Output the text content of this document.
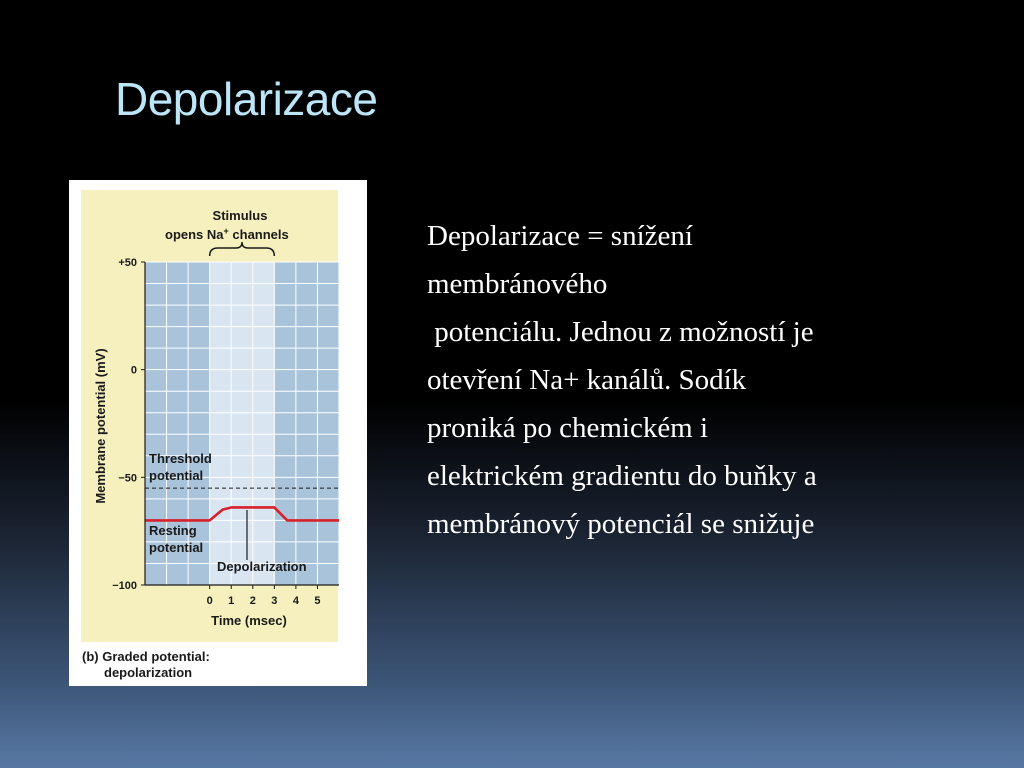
Depolarizace
Depolarizace = snížení
membránového
potenciálu. Jednou z možností je
otevření Na+ kanálů. Sodík
proniká po chemickém i
elektrickém gradientu do buňky a
membránový potenciál se snižuje
Stimulus
opens Na+ channels
Threshold
potential
Resting
potential
Depolarization
0 1 2 3 4 5
+50
0
−50
−100
Time (msec)
Membrane potential (mV)
(b) Graded potential:
depolarization
